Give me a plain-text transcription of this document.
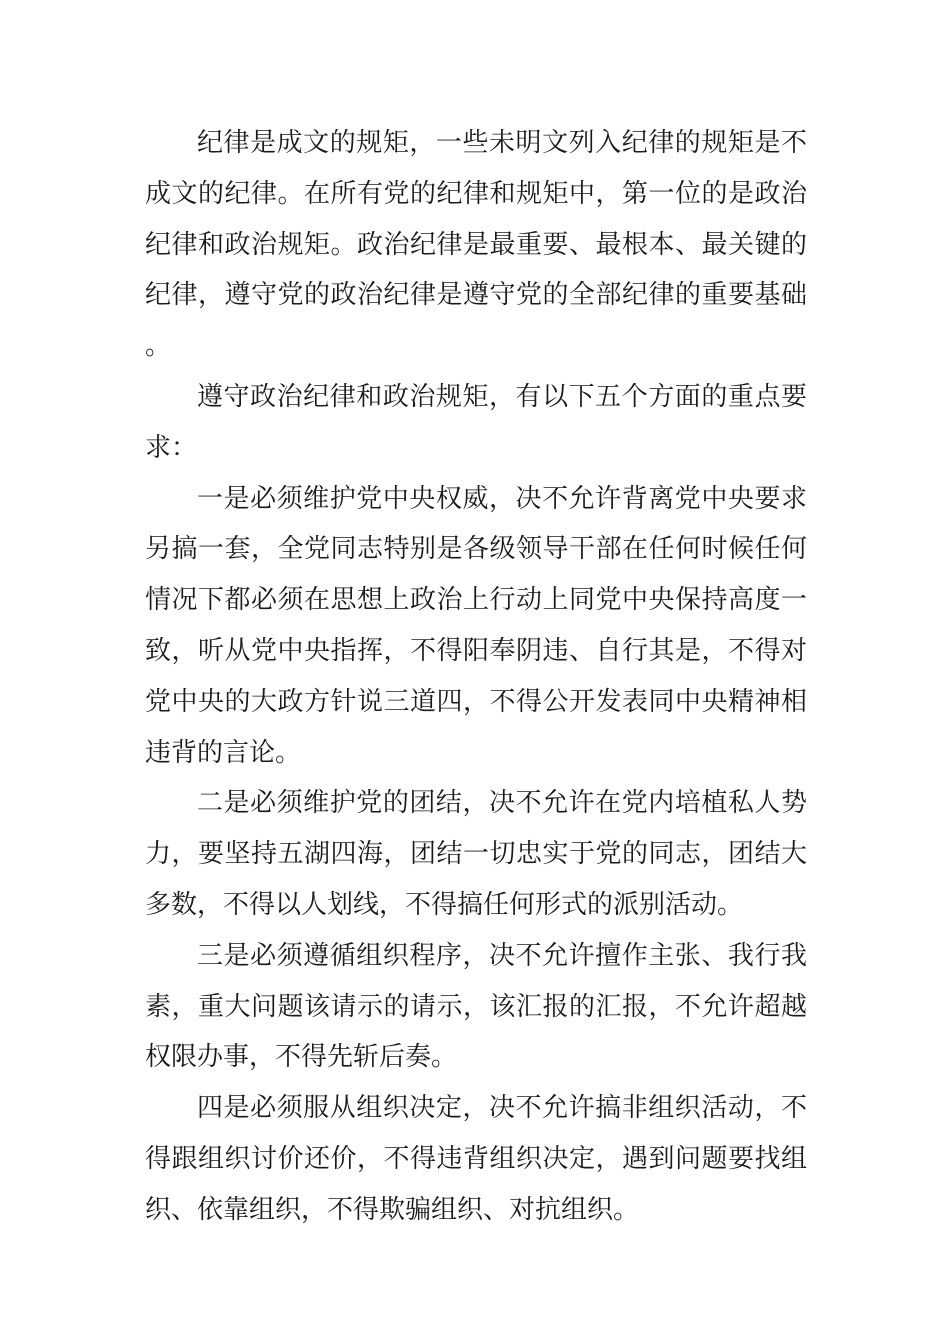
纪律是成文的规矩，一些未明文列入纪律的规矩是不成文的纪律。在所有党的纪律和规矩中，第一位的是政治纪律和政治规矩。政治纪律是最重要、最根本、最关键的纪律，遵守党的政治纪律是遵守党的全部纪律的重要基础。

遵守政治纪律和政治规矩，有以下五个方面的重点要求：

一是必须维护党中央权威，决不允许背离党中央要求另搞一套，全党同志特别是各级领导干部在任何时候任何情况下都必须在思想上政治上行动上同党中央保持高度一致，听从党中央指挥，不得阳奉阴违、自行其是，不得对党中央的大政方针说三道四，不得公开发表同中央精神相违背的言论。

二是必须维护党的团结，决不允许在党内培植私人势力，要坚持五湖四海，团结一切忠实于党的同志，团结大多数，不得以人划线，不得搞任何形式的派别活动。

三是必须遵循组织程序，决不允许擅作主张、我行我素，重大问题该请示的请示，该汇报的汇报，不允许超越权限办事，不得先斩后奏。

四是必须服从组织决定，决不允许搞非组织活动，不得跟组织讨价还价，不得违背组织决定，遇到问题要找组织、依靠组织，不得欺骗组织、对抗组织。
